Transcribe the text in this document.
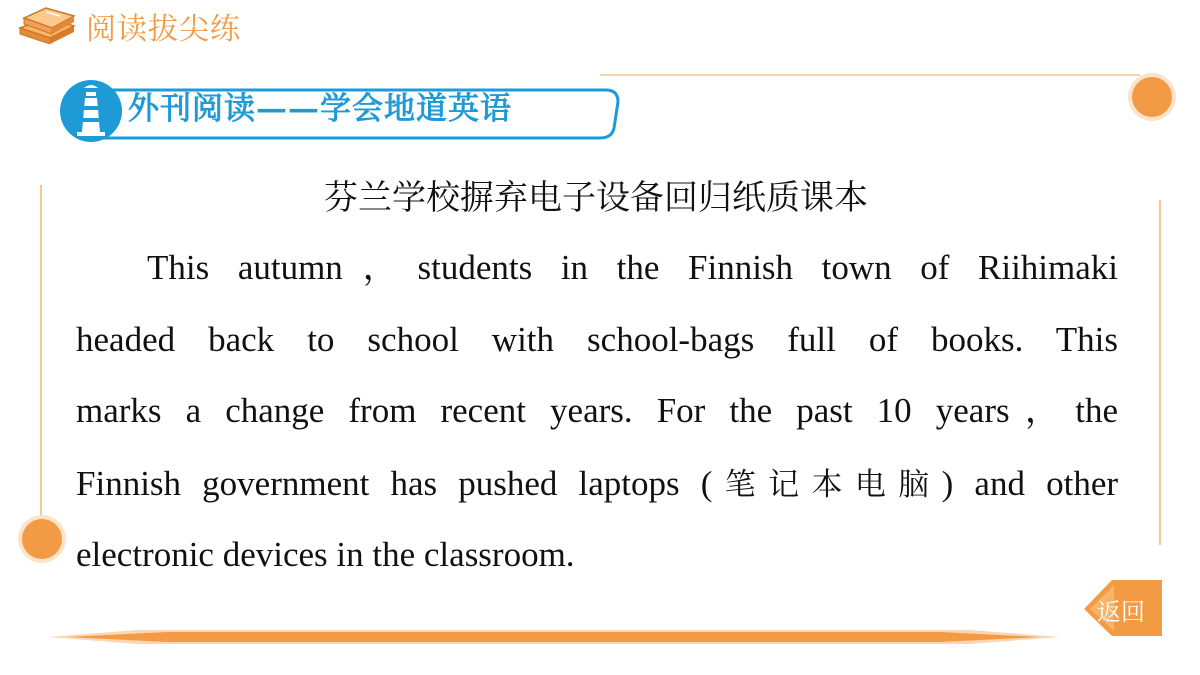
阅读拔尖练
外刊阅读——学会地道英语
芬兰学校摒弃电子设备回归纸质课本
This autumn，students in the Finnish town of Riihimaki
headed back to school with school-bags full of books. This
marks a change from recent years. For the past 10 years，the
Finnish government has pushed laptops (笔记本电脑) and other
electronic devices in the classroom.
返回
